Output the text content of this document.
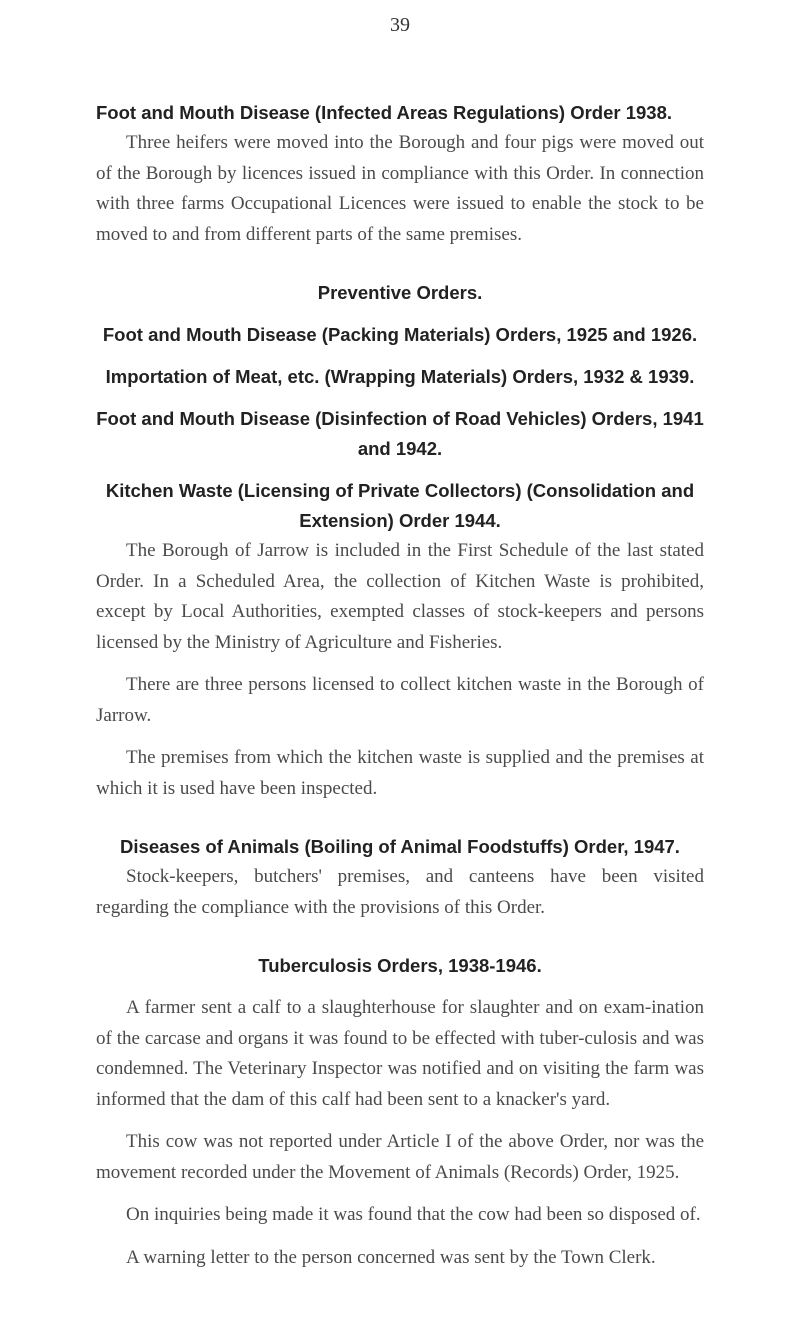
39

Foot and Mouth Disease (Infected Areas Regulations) Order 1938.

Three heifers were moved into the Borough and four pigs were moved out of the Borough by licences issued in compliance with this Order. In connection with three farms Occupational Licences were issued to enable the stock to be moved to and from different parts of the same premises.

Preventive Orders.

Foot and Mouth Disease (Packing Materials) Orders, 1925 and 1926.

Importation of Meat, etc. (Wrapping Materials) Orders, 1932 & 1939.

Foot and Mouth Disease (Disinfection of Road Vehicles) Orders, 1941 and 1942.

Kitchen Waste (Licensing of Private Collectors) (Consolidation and Extension) Order 1944.

The Borough of Jarrow is included in the First Schedule of the last stated Order. In a Scheduled Area, the collection of Kitchen Waste is prohibited, except by Local Authorities, exempted classes of stock-keepers and persons licensed by the Ministry of Agriculture and Fisheries.

There are three persons licensed to collect kitchen waste in the Borough of Jarrow.

The premises from which the kitchen waste is supplied and the premises at which it is used have been inspected.

Diseases of Animals (Boiling of Animal Foodstuffs) Order, 1947.

Stock-keepers, butchers' premises, and canteens have been visited regarding the compliance with the provisions of this Order.

Tuberculosis Orders, 1938-1946.

A farmer sent a calf to a slaughterhouse for slaughter and on exam-ination of the carcase and organs it was found to be effected with tuber-culosis and was condemned. The Veterinary Inspector was notified and on visiting the farm was informed that the dam of this calf had been sent to a knacker's yard.

This cow was not reported under Article I of the above Order, nor was the movement recorded under the Movement of Animals (Records) Order, 1925.

On inquiries being made it was found that the cow had been so disposed of.

A warning letter to the person concerned was sent by the Town Clerk.
